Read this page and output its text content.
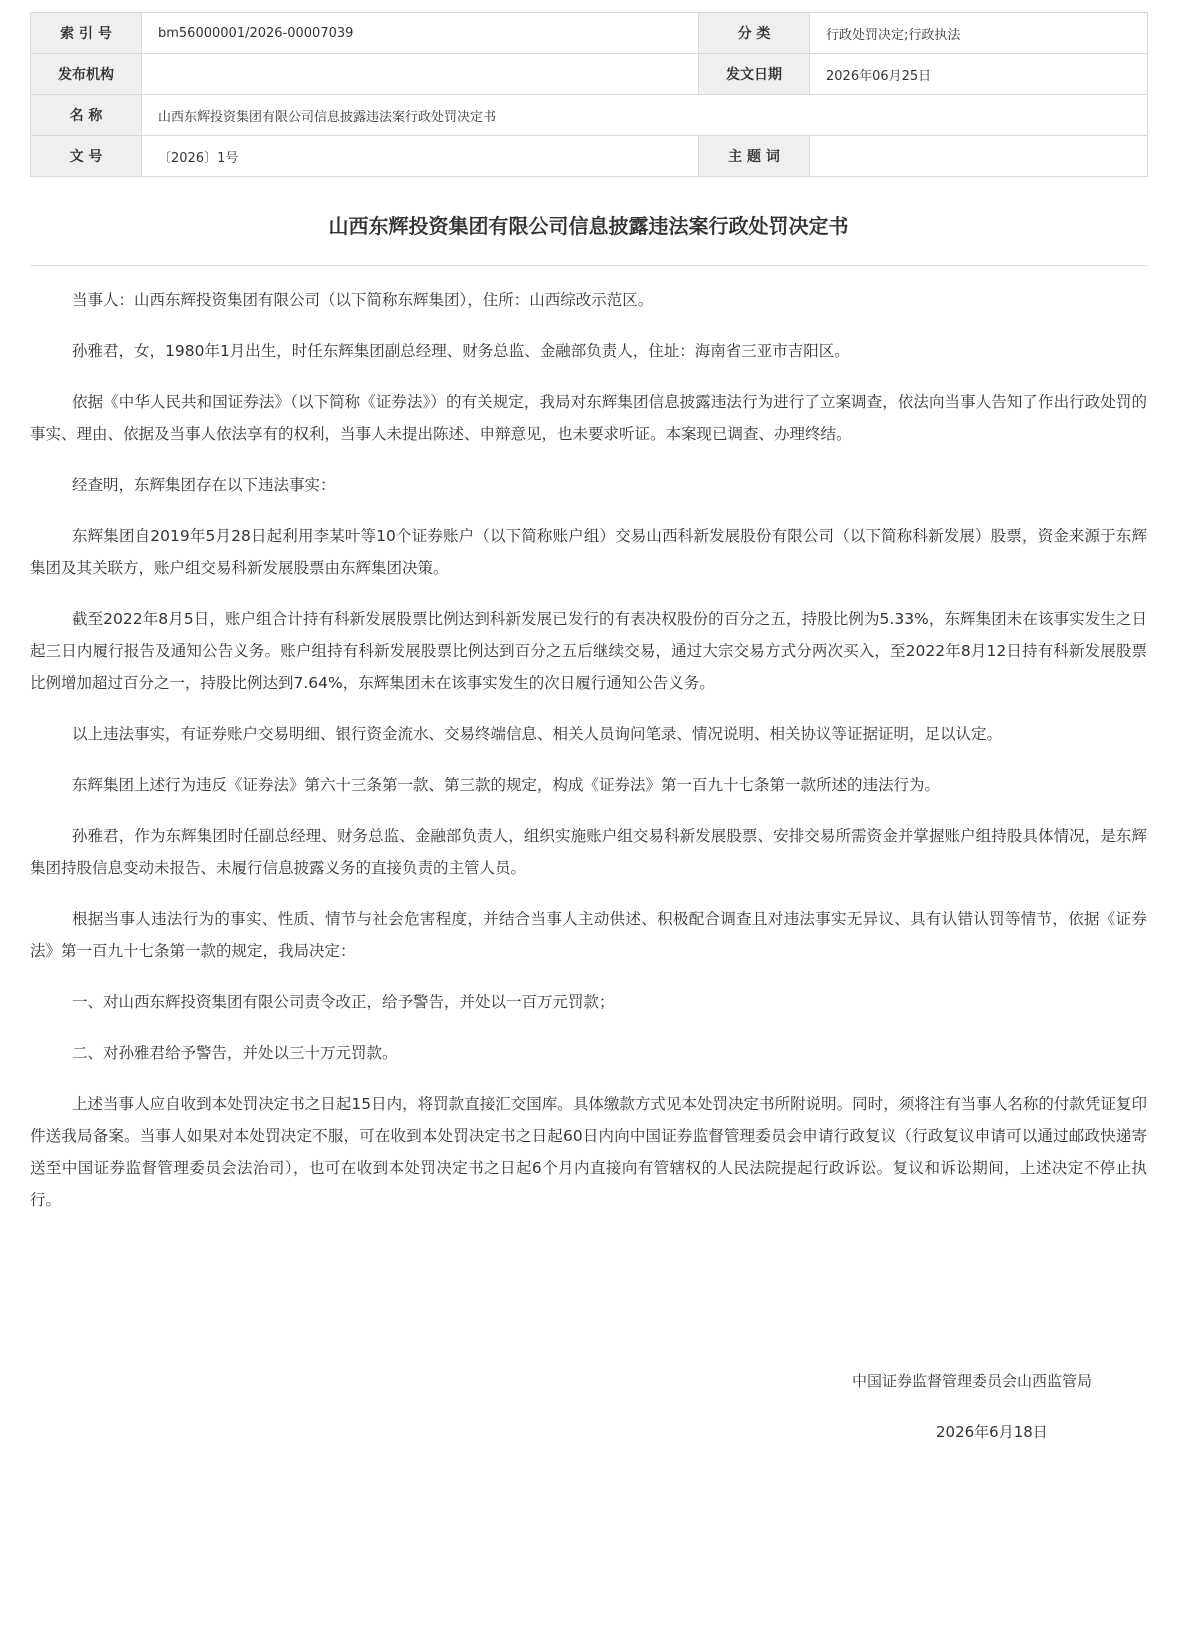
索 引 号	bm56000001/2026-00007039	分 类	行政处罚决定;行政执法
发布机构		发文日期	2026年06月25日
名 称	山西东辉投资集团有限公司信息披露违法案行政处罚决定书		
文 号	〔2026〕1号	主 题 词	
山西东辉投资集团有限公司信息披露违法案行政处罚决定书

当事人：山西东辉投资集团有限公司（以下简称东辉集团），住所：山西综改示范区。

孙雅君，女，1980年1月出生，时任东辉集团副总经理、财务总监、金融部负责人，住址：海南省三亚市吉阳区。

依据《中华人民共和国证券法》（以下简称《证券法》）的有关规定，我局对东辉集团信息披露违法行为进行了立案调查，依法向当事人告知了作出行政处罚的事实、理由、依据及当事人依法享有的权利，当事人未提出陈述、申辩意见，也未要求听证。本案现已调查、办理终结。

经查明，东辉集团存在以下违法事实：

东辉集团自2019年5月28日起利用李某叶等10个证券账户（以下简称账户组）交易山西科新发展股份有限公司（以下简称科新发展）股票，资金来源于东辉集团及其关联方，账户组交易科新发展股票由东辉集团决策。

截至2022年8月5日，账户组合计持有科新发展股票比例达到科新发展已发行的有表决权股份的百分之五，持股比例为5.33%，东辉集团未在该事实发生之日起三日内履行报告及通知公告义务。账户组持有科新发展股票比例达到百分之五后继续交易，通过大宗交易方式分两次买入，至2022年8月12日持有科新发展股票比例增加超过百分之一，持股比例达到7.64%，东辉集团未在该事实发生的次日履行通知公告义务。

以上违法事实，有证券账户交易明细、银行资金流水、交易终端信息、相关人员询问笔录、情况说明、相关协议等证据证明，足以认定。

东辉集团上述行为违反《证券法》第六十三条第一款、第三款的规定，构成《证券法》第一百九十七条第一款所述的违法行为。

孙雅君，作为东辉集团时任副总经理、财务总监、金融部负责人，组织实施账户组交易科新发展股票、安排交易所需资金并掌握账户组持股具体情况，是东辉集团持股信息变动未报告、未履行信息披露义务的直接负责的主管人员。

根据当事人违法行为的事实、性质、情节与社会危害程度，并结合当事人主动供述、积极配合调查且对违法事实无异议、具有认错认罚等情节，依据《证券法》第一百九十七条第一款的规定，我局决定：

一、对山西东辉投资集团有限公司责令改正，给予警告，并处以一百万元罚款；

二、对孙雅君给予警告，并处以三十万元罚款。

上述当事人应自收到本处罚决定书之日起15日内，将罚款直接汇交国库。具体缴款方式见本处罚决定书所附说明。同时，须将注有当事人名称的付款凭证复印件送我局备案。当事人如果对本处罚决定不服，可在收到本处罚决定书之日起60日内向中国证券监督管理委员会申请行政复议（行政复议申请可以通过邮政快递寄送至中国证券监督管理委员会法治司），也可在收到本处罚决定书之日起6个月内直接向有管辖权的人民法院提起行政诉讼。复议和诉讼期间，上述决定不停止执行。

中国证券监督管理委员会山西监管局
2026年6月18日
